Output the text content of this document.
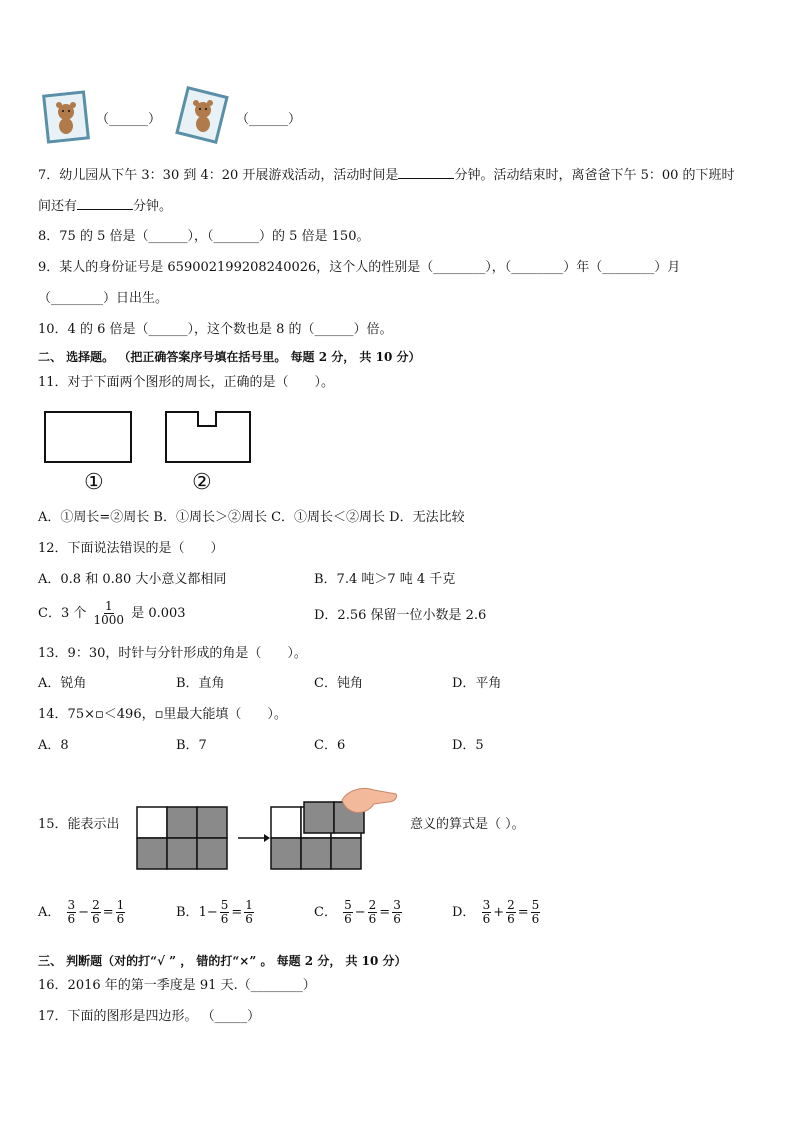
（______）	（______）
7．幼儿园从下午 3：30 到 4：20 开展游戏活动，活动时间是	分钟。活动结束时，离爸爸下午 5：00 的下班时
间还有	分钟。
8．75 的 5 倍是（______），（_______）的 5 倍是 150。
9．某人的身份证号是 659002199208240026，这个人的性别是（________），（________）年（________）月
（________）日出生。
10．4 的 6 倍是（______），这个数也是 8 的（______）倍。
二、 选择题。 （把正确答案序号填在括号里。 每题 2 分， 共 10 分）
11．对于下面两个图形的周长，正确的是（　　）。
①	②
A．①周长=②周长 B．①周长＞②周长 C．①周长＜②周长 D．无法比较
12．下面说法错误的是（　　）
A．0.8 和 0.80 大小意义都相同	B．7.4 吨＞7 吨 4 千克
C．3 个 $\frac{1}{1000}$ 是 0.003	D．2.56 保留一位小数是 2.6
13．9：30，时针与分针形成的角是（　　）。
A．锐角	B．直角	C．钝角	D．平角
14．75×▫＜496，▫里最大能填（　　）。
A．8	B．7	C．6	D．5
15．能表示出	意义的算式是（ ）。
A． $\frac{3}{6} - \frac{2}{6} = \frac{1}{6}$	B．$1- \frac{5}{6} = \frac{1}{6}$	C． $\frac{5}{6} - \frac{2}{6} = \frac{3}{6}$	D． $\frac{3}{6} + \frac{2}{6} = \frac{5}{6}$
三、 判断题（对的打“√ ” ， 错的打“×” 。 每题 2 分， 共 10 分）
16．2016 年的第一季度是 91 天.（________）
17．下面的图形是四边形。 （_____）
